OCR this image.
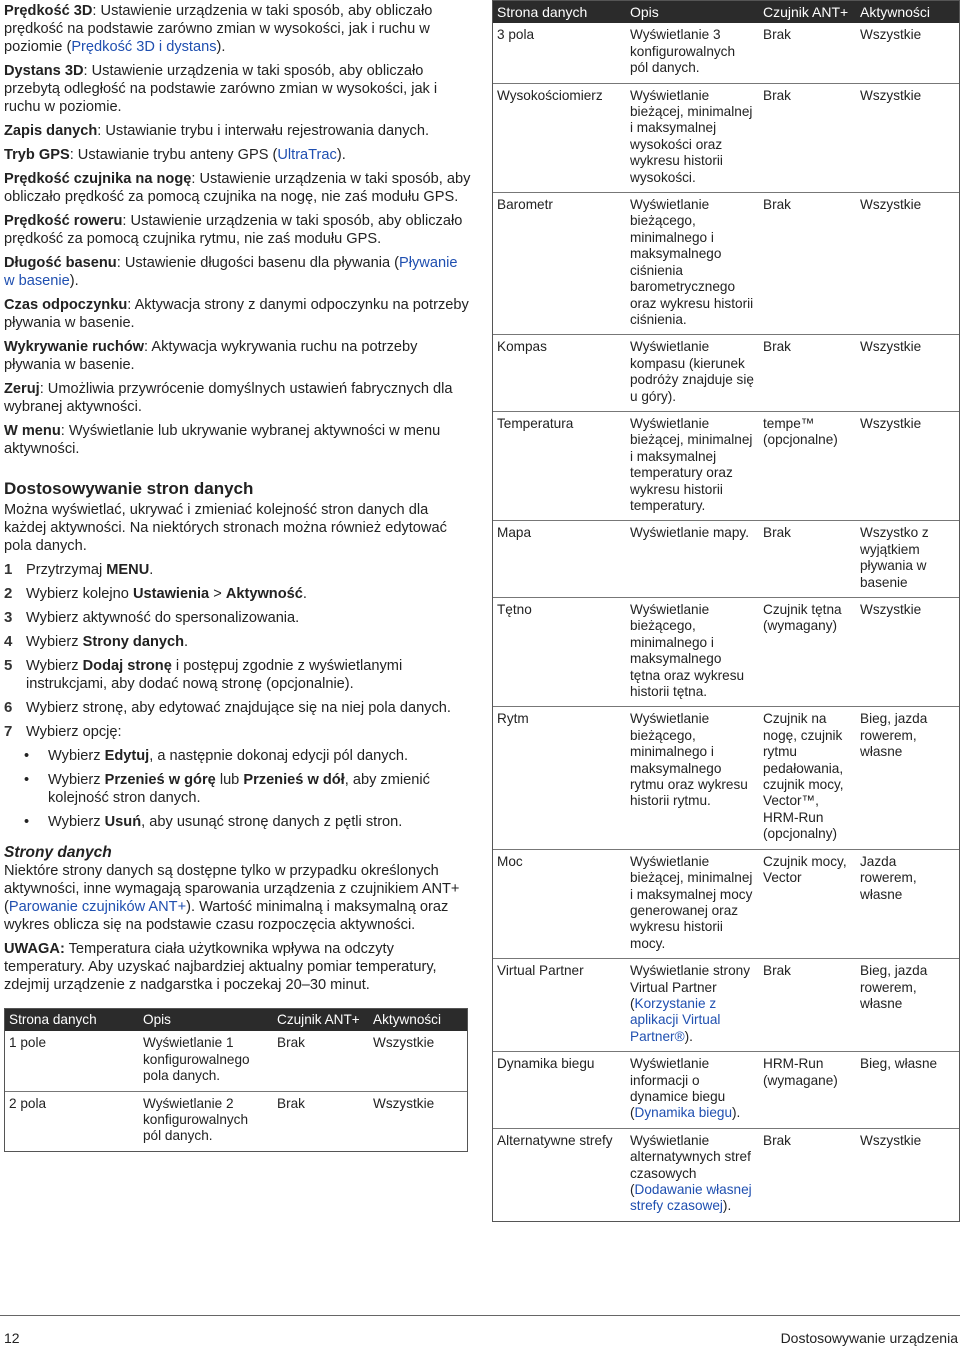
Prędkość 3D: Ustawienie urządzenia w taki sposób, aby obliczało prędkość na podstawie zarówno zmian w wysokości, jak i ruchu w poziomie (Prędkość 3D i dystans).
Dystans 3D: Ustawienie urządzenia w taki sposób, aby obliczało przebytą odległość na podstawie zarówno zmian w wysokości, jak i ruchu w poziomie.
Zapis danych: Ustawianie trybu i interwału rejestrowania danych.
Tryb GPS: Ustawianie trybu anteny GPS (UltraTrac).
Prędkość czujnika na nogę: Ustawienie urządzenia w taki sposób, aby obliczało prędkość za pomocą czujnika na nogę, nie zaś modułu GPS.
Prędkość roweru: Ustawienie urządzenia w taki sposób, aby obliczało prędkość za pomocą czujnika rytmu, nie zaś modułu GPS.
Długość basenu: Ustawienie długości basenu dla pływania (Pływanie w basenie).
Czas odpoczynku: Aktywacja strony z danymi odpoczynku na potrzeby pływania w basenie.
Wykrywanie ruchów: Aktywacja wykrywania ruchu na potrzeby pływania w basenie.
Zeruj: Umożliwia przywrócenie domyślnych ustawień fabrycznych dla wybranej aktywności.
W menu: Wyświetlanie lub ukrywanie wybranej aktywności w menu aktywności.
Dostosowywanie stron danych
Można wyświetlać, ukrywać i zmieniać kolejność stron danych dla każdej aktywności. Na niektórych stronach można również edytować pola danych.
1 Przytrzymaj MENU.
2 Wybierz kolejno Ustawienia > Aktywność.
3 Wybierz aktywność do spersonalizowania.
4 Wybierz Strony danych.
5 Wybierz Dodaj stronę i postępuj zgodnie z wyświetlanymi instrukcjami, aby dodać nową stronę (opcjonalnie).
6 Wybierz stronę, aby edytować znajdujące się na niej pola danych.
7 Wybierz opcję:
• Wybierz Edytuj, a następnie dokonaj edycji pól danych.
• Wybierz Przenieś w górę lub Przenieś w dół, aby zmienić kolejność stron danych.
• Wybierz Usuń, aby usunąć stronę danych z pętli stron.
Strony danych
Niektóre strony danych są dostępne tylko w przypadku określonych aktywności, inne wymagają sparowania urządzenia z czujnikiem ANT+ (Parowanie czujników ANT+). Wartość minimalną i maksymalną oraz wykres oblicza się na podstawie czasu rozpoczęcia aktywności.
UWAGA: Temperatura ciała użytkownika wpływa na odczyty temperatury. Aby uzyskać najbardziej aktualny pomiar temperatury, zdejmij urządzenie z nadgarstka i poczekaj 20–30 minut.
Strona danych	Opis	Czujnik ANT+	Aktywności
1 pole	Wyświetlanie 1 konfigurowalnego pola danych.	Brak	Wszystkie
2 pola	Wyświetlanie 2 konfigurowalnych pól danych.	Brak	Wszystkie
Strona danych	Opis	Czujnik ANT+	Aktywności
3 pola	Wyświetlanie 3 konfigurowalnych pól danych.	Brak	Wszystkie
Wysokościomierz	Wyświetlanie bieżącej, minimalnej i maksymalnej wysokości oraz wykresu historii wysokości.	Brak	Wszystkie
Barometr	Wyświetlanie bieżącego, minimalnego i maksymalnego ciśnienia barometrycznego oraz wykresu historii ciśnienia.	Brak	Wszystkie
Kompas	Wyświetlanie kompasu (kierunek podróży znajduje się u góry).	Brak	Wszystkie
Temperatura	Wyświetlanie bieżącej, minimalnej i maksymalnej temperatury oraz wykresu historii temperatury.	tempe™ (opcjonalne)	Wszystkie
Mapa	Wyświetlanie mapy.	Brak	Wszystko z wyjątkiem pływania w basenie
Tętno	Wyświetlanie bieżącego, minimalnego i maksymalnego tętna oraz wykresu historii tętna.	Czujnik tętna (wymagany)	Wszystkie
Rytm	Wyświetlanie bieżącego, minimalnego i maksymalnego rytmu oraz wykresu historii rytmu.	Czujnik na nogę, czujnik rytmu pedałowania, czujnik mocy, Vector™, HRM-Run (opcjonalny)	Bieg, jazda rowerem, własne
Moc	Wyświetlanie bieżącej, minimalnej i maksymalnej mocy generowanej oraz wykresu historii mocy.	Czujnik mocy, Vector	Jazda rowerem, własne
Virtual Partner	Wyświetlanie strony Virtual Partner (Korzystanie z aplikacji Virtual Partner®).	Brak	Bieg, jazda rowerem, własne
Dynamika biegu	Wyświetlanie informacji o dynamice biegu (Dynamika biegu).	HRM-Run (wymagane)	Bieg, własne
Alternatywne strefy	Wyświetlanie alternatywnych stref czasowych (Dodawanie własnej strefy czasowej).	Brak	Wszystkie
12	Dostosowywanie urządzenia
